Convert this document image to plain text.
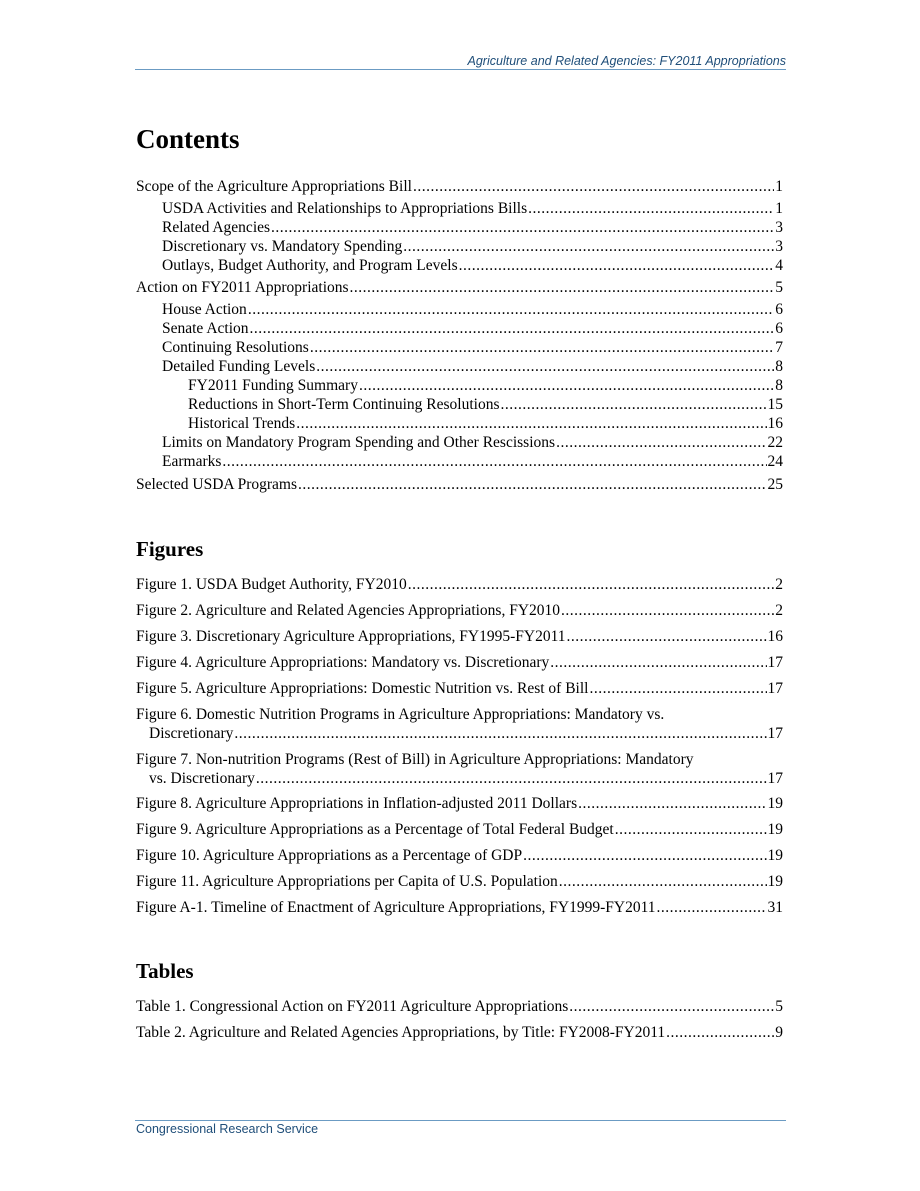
Agriculture and Related Agencies: FY2011 Appropriations
Contents
Scope of the Agriculture Appropriations Bill .....	1
USDA Activities and Relationships to Appropriations Bills .....	1
Related Agencies .....	3
Discretionary vs. Mandatory Spending .....	3
Outlays, Budget Authority, and Program Levels .....	4
Action on FY2011 Appropriations .....	5
House Action .....	6
Senate Action .....	6
Continuing Resolutions .....	7
Detailed Funding Levels .....	8
FY2011 Funding Summary .....	8
Reductions in Short-Term Continuing Resolutions .....	15
Historical Trends .....	16
Limits on Mandatory Program Spending and Other Rescissions .....	22
Earmarks .....	24
Selected USDA Programs .....	25
Figures
Figure 1. USDA Budget Authority, FY2010 .....	2
Figure 2. Agriculture and Related Agencies Appropriations, FY2010 .....	2
Figure 3. Discretionary Agriculture Appropriations, FY1995-FY2011 .....	16
Figure 4. Agriculture Appropriations: Mandatory vs. Discretionary .....	17
Figure 5. Agriculture Appropriations: Domestic Nutrition vs. Rest of Bill .....	17
Figure 6. Domestic Nutrition Programs in Agriculture Appropriations: Mandatory vs.
Discretionary .....	17
Figure 7. Non-nutrition Programs (Rest of Bill) in Agriculture Appropriations: Mandatory
vs. Discretionary .....	17
Figure 8. Agriculture Appropriations in Inflation-adjusted 2011 Dollars .....	19
Figure 9. Agriculture Appropriations as a Percentage of Total Federal Budget .....	19
Figure 10. Agriculture Appropriations as a Percentage of GDP .....	19
Figure 11. Agriculture Appropriations per Capita of U.S. Population .....	19
Figure A-1. Timeline of Enactment of Agriculture Appropriations, FY1999-FY2011 .....	31
Tables
Table 1. Congressional Action on FY2011 Agriculture Appropriations .....	5
Table 2. Agriculture and Related Agencies Appropriations, by Title: FY2008-FY2011 .....	9
Congressional Research Service
